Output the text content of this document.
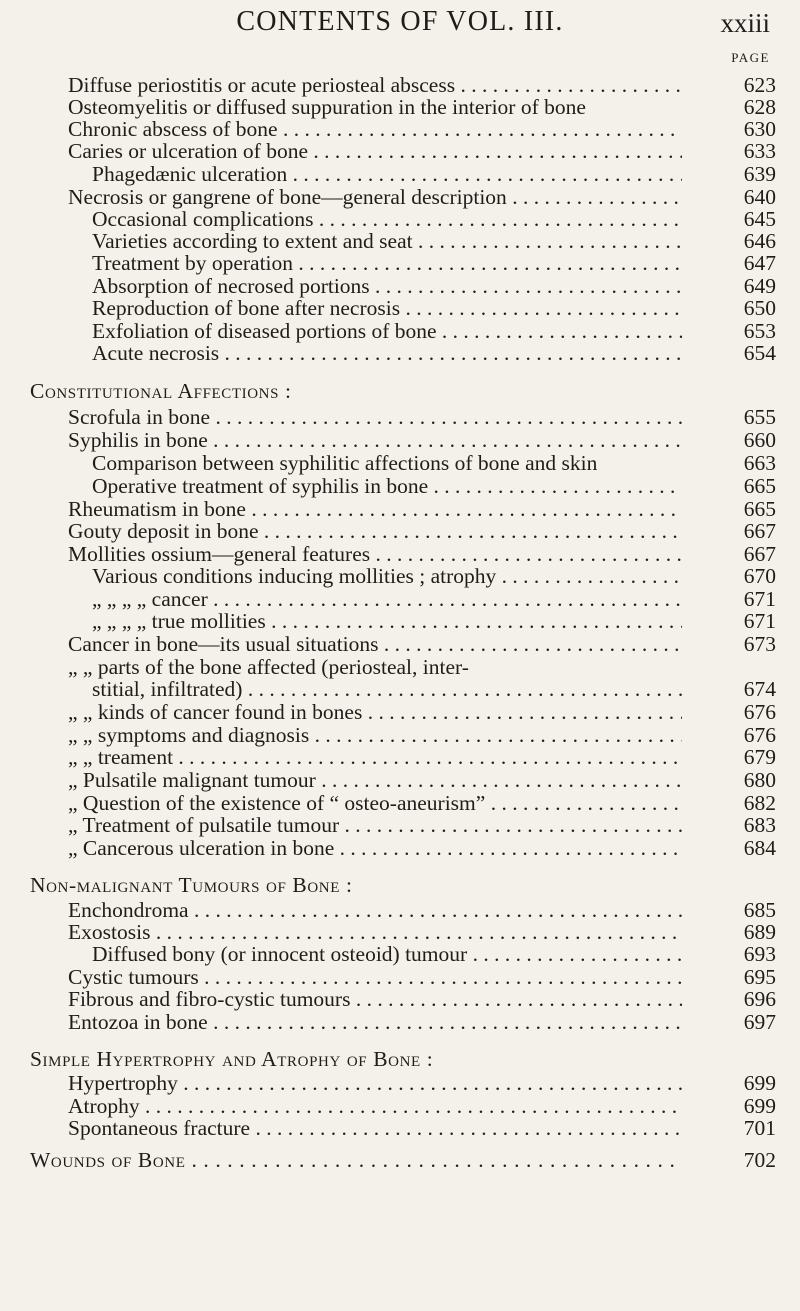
CONTENTS OF VOL. III.	xxiii
PAGE
Diffuse periostitis or acute periosteal abscess . .	623
Osteomyelitis or diffused suppuration in the interior of bone	628
Chronic abscess of bone . .	630
Caries or ulceration of bone . .	633
Phagedænic ulceration . .	639
Necrosis or gangrene of bone—general description . .	640
Occasional complications . .	645
Varieties according to extent and seat . .	646
Treatment by operation . .	647
Absorption of necrosed portions . .	649
Reproduction of bone after necrosis . .	650
Exfoliation of diseased portions of bone . .	653
Acute necrosis . .	654
Constitutional Affections :
Scrofula in bone . .	655
Syphilis in bone . .	660
Comparison between syphilitic affections of bone and skin	663
Operative treatment of syphilis in bone . .	665
Rheumatism in bone . .	665
Gouty deposit in bone . .	667
Mollities ossium—general features . .	667
Various conditions inducing mollities ; atrophy . .	670
„ „ „ „ cancer . .	671
„ „ „ „ true mollities . .	671
Cancer in bone—its usual situations . .	673
„ „ parts of the bone affected (periosteal, inter-
stitial, infiltrated) . .	674
„ „ kinds of cancer found in bones . .	676
„ „ symptoms and diagnosis . .	676
„ „ treament . .	679
„ Pulsatile malignant tumour . .	680
„ Question of the existence of “ osteo-aneurism” . .	682
„ Treatment of pulsatile tumour . .	683
„ Cancerous ulceration in bone . .	684
Non-malignant Tumours of Bone :
Enchondroma . .	685
Exostosis . .	689
Diffused bony (or innocent osteoid) tumour . .	693
Cystic tumours . .	695
Fibrous and fibro-cystic tumours . .	696
Entozoa in bone . .	697
Simple Hypertrophy and Atrophy of Bone :
Hypertrophy . .	699
Atrophy . .	699
Spontaneous fracture . .	701
Wounds of Bone . .	702
